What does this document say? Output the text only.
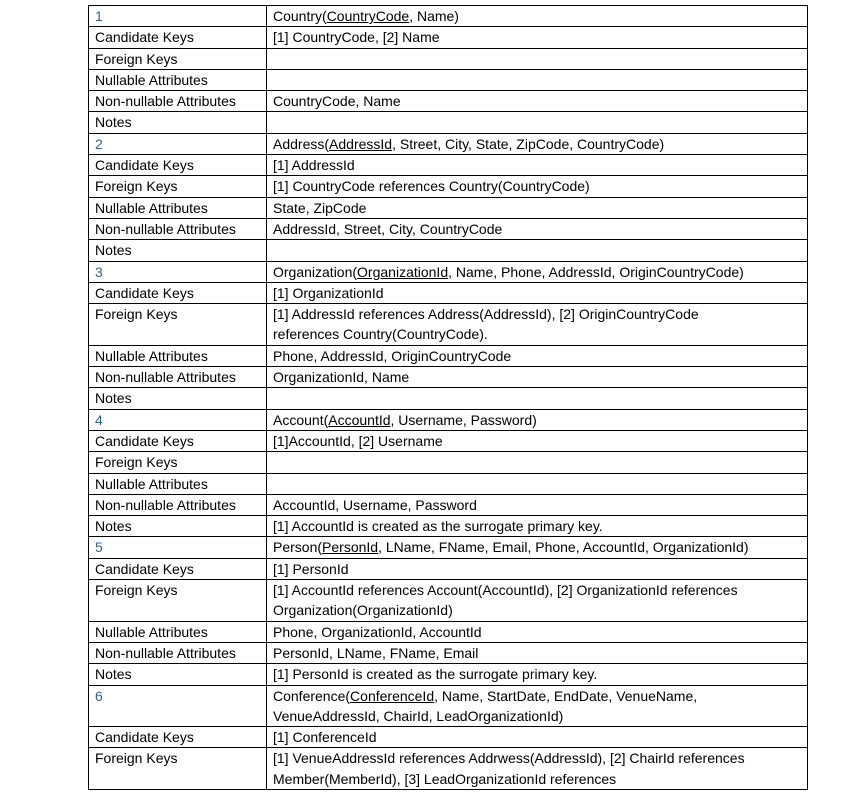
1	Country(CountryCode, Name)

Candidate Keys	[1] CountryCode, [2] Name

Foreign Keys	

Nullable Attributes	

Non-nullable Attributes	CountryCode, Name

Notes	

2	Address(AddressId, Street, City, State, ZipCode, CountryCode)

Candidate Keys	[1] AddressId

Foreign Keys	[1] CountryCode references Country(CountryCode)

Nullable Attributes	State, ZipCode

Non-nullable Attributes	AddressId, Street, City, CountryCode

Notes	

3	Organization(OrganizationId, Name, Phone, AddressId, OriginCountryCode)

Candidate Keys	[1] OrganizationId

Foreign Keys	[1] AddressId references Address(AddressId), [2] OriginCountryCode
references Country(CountryCode).

Nullable Attributes	Phone, AddressId, OriginCountryCode

Non-nullable Attributes	OrganizationId, Name

Notes	

4	Account(AccountId, Username, Password)

Candidate Keys	[1]AccountId, [2] Username

Foreign Keys	

Nullable Attributes	

Non-nullable Attributes	AccountId, Username, Password

Notes	[1] AccountId is created as the surrogate primary key.

5	Person(PersonId, LName, FName, Email, Phone, AccountId, OrganizationId)

Candidate Keys	[1] PersonId

Foreign Keys	[1] AccountId references Account(AccountId), [2] OrganizationId references
Organization(OrganizationId)

Nullable Attributes	Phone, OrganizationId, AccountId

Non-nullable Attributes	PersonId, LName, FName, Email

Notes	[1] PersonId is created as the surrogate primary key.

6	Conference(ConferenceId, Name, StartDate, EndDate, VenueName,
VenueAddressId, ChairId, LeadOrganizationId)

Candidate Keys	[1] ConferenceId

Foreign Keys	[1] VenueAddressId references Addrwess(AddressId), [2] ChairId references
Member(MemberId), [3] LeadOrganizationId references
